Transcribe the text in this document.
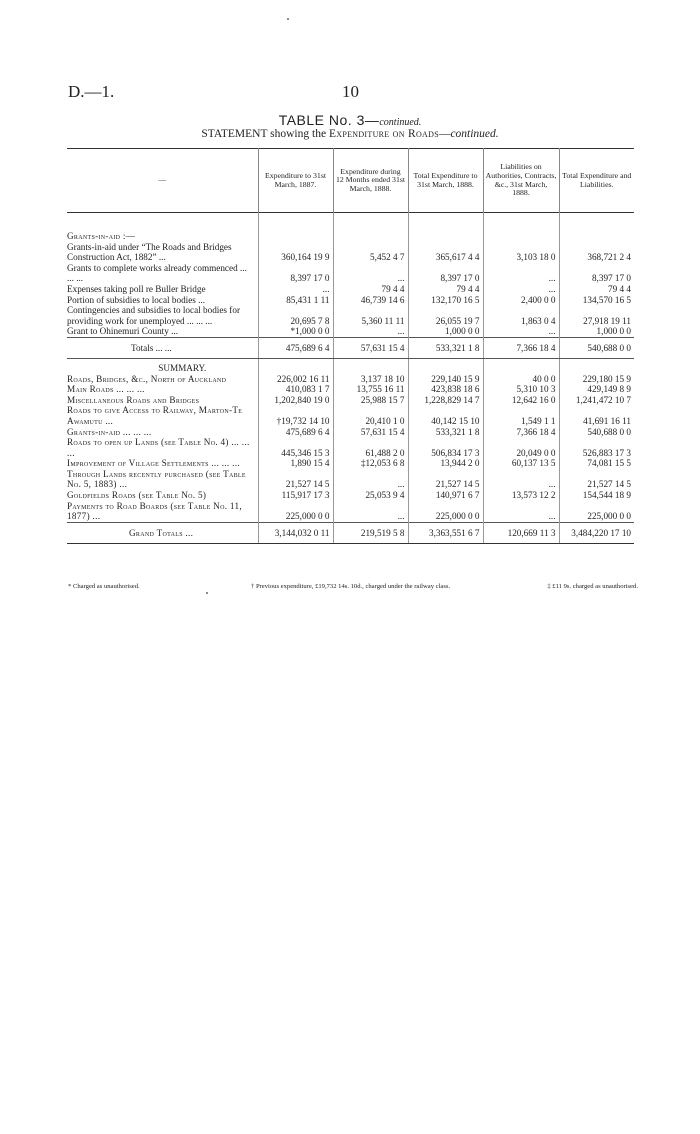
D.—1.	10
TABLE No. 3—continued.
STATEMENT showing the Expenditure on Roads—continued.
—	Expenditure to 31st March, 1887.	Expenditure during 12 Months ended 31st March, 1888.	Total Expenditure to 31st March, 1888.	Liabilities on Authorities, Contracts, &c., 31st March, 1888.	Total Expenditure and Liabilities.

Grants-in-aid :—					
Grants-in-aid under “The Roads and Bridges Construction Act, 1882” ...	360,164 19 9	5,452 4 7	365,617 4 4	3,103 18 0	368,721 2 4
Grants to complete works already commenced ... ... ...	8,397 17 0	...	8,397 17 0	...	8,397 17 0
Expenses taking poll re Buller Bridge	...	79 4 4	79 4 4	...	79 4 4
Portion of subsidies to local bodies ...	85,431 1 11	46,739 14 6	132,170 16 5	2,400 0 0	134,570 16 5
Contingencies and subsidies to local bodies for providing work for unemployed ... ... ...	20,695 7 8	5,360 11 11	26,055 19 7	1,863 0 4	27,918 19 11
Grant to Ohinemuri County ...	*1,000 0 0	...	1,000 0 0	...	1,000 0 0
Totals ... ...	475,689 6 4	57,631 15 4	533,321 1 8	7,366 18 4	540,688 0 0
SUMMARY.					
Roads, Bridges, &c., North of Auckland	226,002 16 11	3,137 18 10	229,140 15 9	40 0 0	229,180 15 9
Main Roads ... ... ...	410,083 1 7	13,755 16 11	423,838 18 6	5,310 10 3	429,149 8 9
Miscellaneous Roads and Bridges	1,202,840 19 0	25,988 15 7	1,228,829 14 7	12,642 16 0	1,241,472 10 7
Roads to give Access to Railway, Marton-Te Awamutu ...	†19,732 14 10	20,410 1 0	40,142 15 10	1,549 1 1	41,691 16 11
Grants-in-aid ... ... ...	475,689 6 4	57,631 15 4	533,321 1 8	7,366 18 4	540,688 0 0
Roads to open up Lands (see Table No. 4) ... ... ...	445,346 15 3	61,488 2 0	506,834 17 3	20,049 0 0	526,883 17 3
Improvement of Village Settlements ... ... ...	1,890 15 4	‡12,053 6 8	13,944 2 0	60,137 13 5	74,081 15 5
Through Lands recently purchased (see Table No. 5, 1883) ...	21,527 14 5	...	21,527 14 5	...	21,527 14 5
Goldfields Roads (see Table No. 5)	115,917 17 3	25,053 9 4	140,971 6 7	13,573 12 2	154,544 18 9
Payments to Road Boards (see Table No. 11, 1877) ...	225,000 0 0	...	225,000 0 0	...	225,000 0 0
Grand Totals ...	3,144,032 0 11	219,519 5 8	3,363,551 6 7	120,669 11 3	3,484,220 17 10
* Charged as unauthorised.	† Previous expenditure, £19,732 14s. 10d., charged under the railway class.	‡ £11 9s. charged as unauthorised.
